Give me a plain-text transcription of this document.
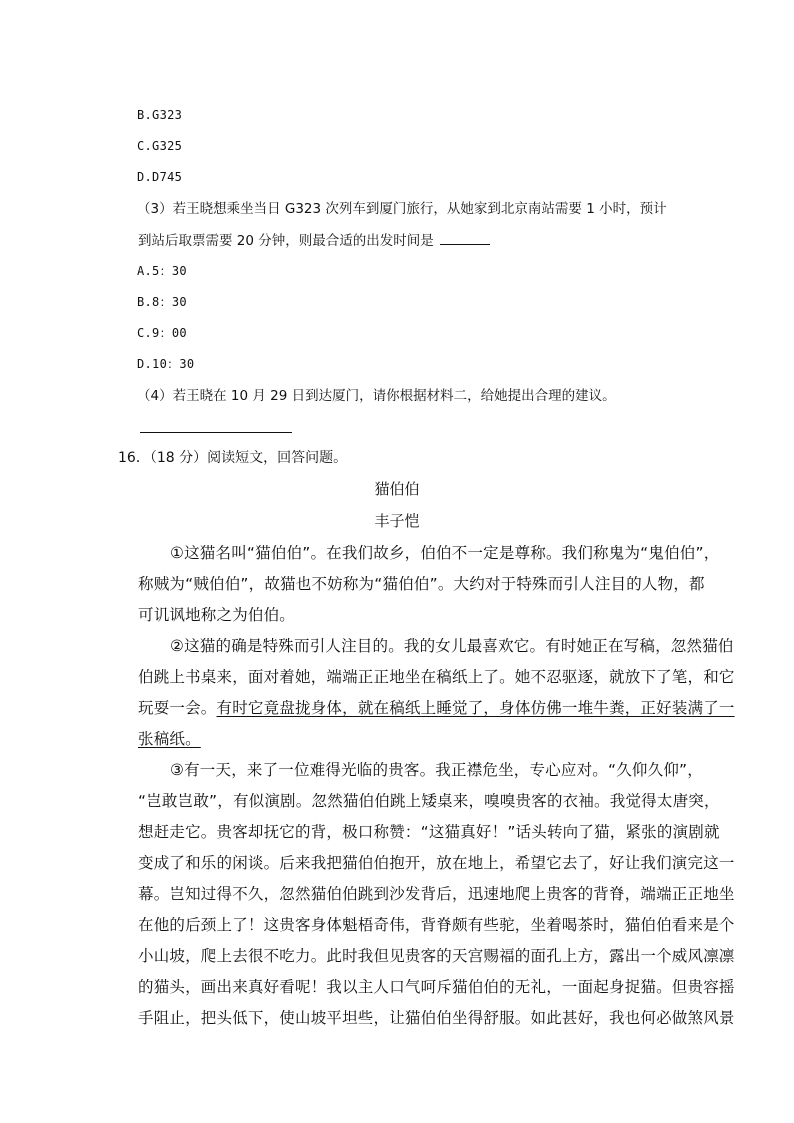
B.G323
C.G325
D.D745
（3）若王晓想乘坐当日 G323 次列车到厦门旅行，从她家到北京南站需要 1 小时，预计
到站后取票需要 20 分钟，则最合适的出发时间是
A.5：30
B.8：30
C.9：00
D.10：30
（4）若王晓在 10 月 29 日到达厦门，请你根据材料二，给她提出合理的建议。
16．（18 分）阅读短文，回答问题。
猫伯伯
丰子恺
①这猫名叫“猫伯伯”。在我们故乡，伯伯不一定是尊称。我们称鬼为“鬼伯伯”，
称贼为“贼伯伯”，故猫也不妨称为“猫伯伯”。大约对于特殊而引人注目的人物，都
可讥讽地称之为伯伯。
②这猫的确是特殊而引人注目的。我的女儿最喜欢它。有时她正在写稿，忽然猫伯
伯跳上书桌来，面对着她，端端正正地坐在稿纸上了。她不忍驱逐，就放下了笔，和它
玩耍一会。有时它竟盘拢身体，就在稿纸上睡觉了，身体仿佛一堆牛粪，正好装满了一
张稿纸。
③有一天，来了一位难得光临的贵客。我正襟危坐，专心应对。“久仰久仰”，
“岂敢岂敢”，有似演剧。忽然猫伯伯跳上矮桌来，嗅嗅贵客的衣袖。我觉得太唐突，
想赶走它。贵客却抚它的背，极口称赞：“这猫真好！”话头转向了猫，紧张的演剧就
变成了和乐的闲谈。后来我把猫伯伯抱开，放在地上，希望它去了，好让我们演完这一
幕。岂知过得不久，忽然猫伯伯跳到沙发背后，迅速地爬上贵客的背脊，端端正正地坐
在他的后颈上了！这贵客身体魁梧奇伟，背脊颇有些驼，坐着喝茶时，猫伯伯看来是个
小山坡，爬上去很不吃力。此时我但见贵客的天宫赐福的面孔上方，露出一个威风凛凛
的猫头，画出来真好看呢！我以主人口气呵斥猫伯伯的无礼，一面起身捉猫。但贵容摇
手阻止，把头低下，使山坡平坦些，让猫伯伯坐得舒服。如此甚好，我也何必做煞风景
